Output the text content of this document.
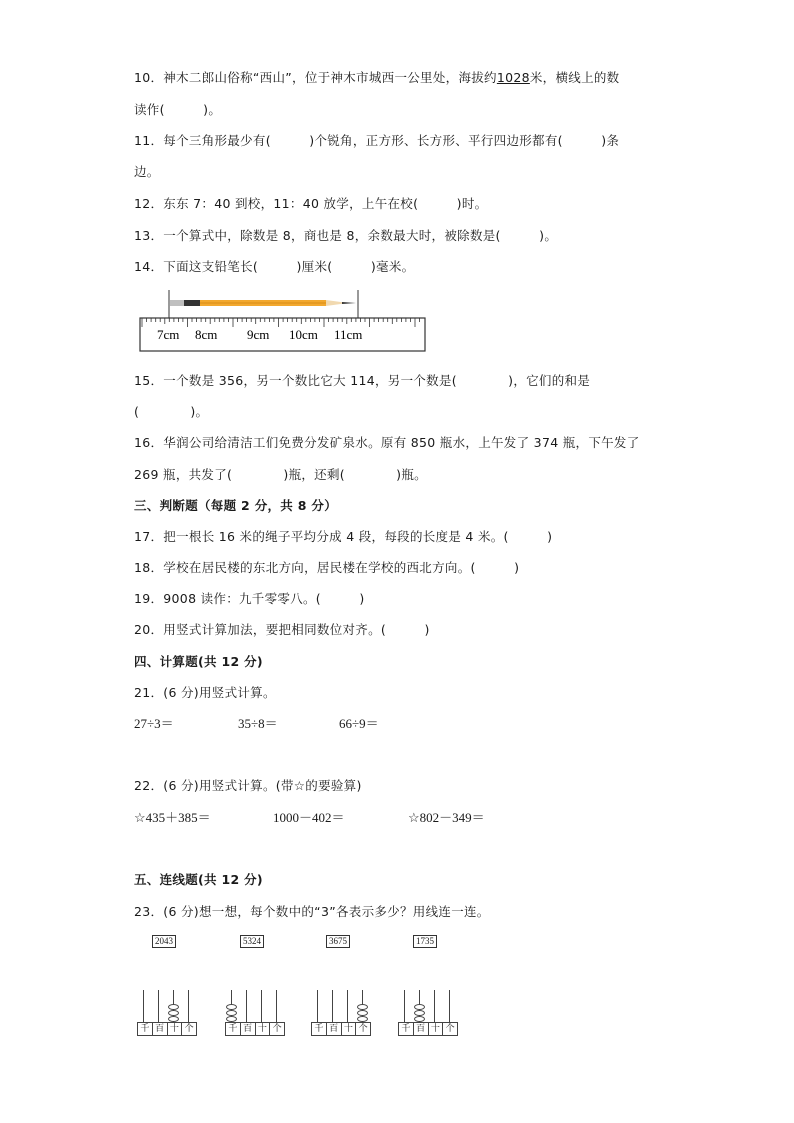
10．神木二郎山俗称“西山”，位于神木市城西一公里处，海拔约1028米，横线上的数
读作(　　　)。
11．每个三角形最少有(　　　)个锐角，正方形、长方形、平行四边形都有(　　　)条
边。
12．东东 7：40 到校，11：40 放学，上午在校(　　　)时。
13．一个算式中，除数是 8，商也是 8，余数最大时，被除数是(　　　)。
14．下面这支铅笔长(　　　)厘米(　　　)毫米。
7cm 8cm 9cm 10cm 11cm
15．一个数是 356，另一个数比它大 114，另一个数是(　　　　)，它们的和是
(　　　　)。
16．华润公司给清洁工们免费分发矿泉水。原有 850 瓶水，上午发了 374 瓶，下午发了
269 瓶，共发了(　　　　)瓶，还剩(　　　　)瓶。
三、判断题（每题 2 分，共 8 分）
17．把一根长 16 米的绳子平均分成 4 段，每段的长度是 4 米。(　　　)
18．学校在居民楼的东北方向，居民楼在学校的西北方向。(　　　)
19．9008 读作：九千零零八。(　　　)
20．用竖式计算加法，要把相同数位对齐。(　　　)
四、计算题(共 12 分)
21．(6 分)用竖式计算。
27÷3＝	35÷8＝	66÷9＝
22．(6 分)用竖式计算。(带☆的要验算)
☆435＋385＝	1000－402＝	☆802－349＝
五、连线题(共 12 分)
23．(6 分)想一想，每个数中的“3”各表示多少？用线连一连。
2043	5324	3675	1735
千 百 十 个	千 百 十 个	千 百 十 个	千 百 十 个
